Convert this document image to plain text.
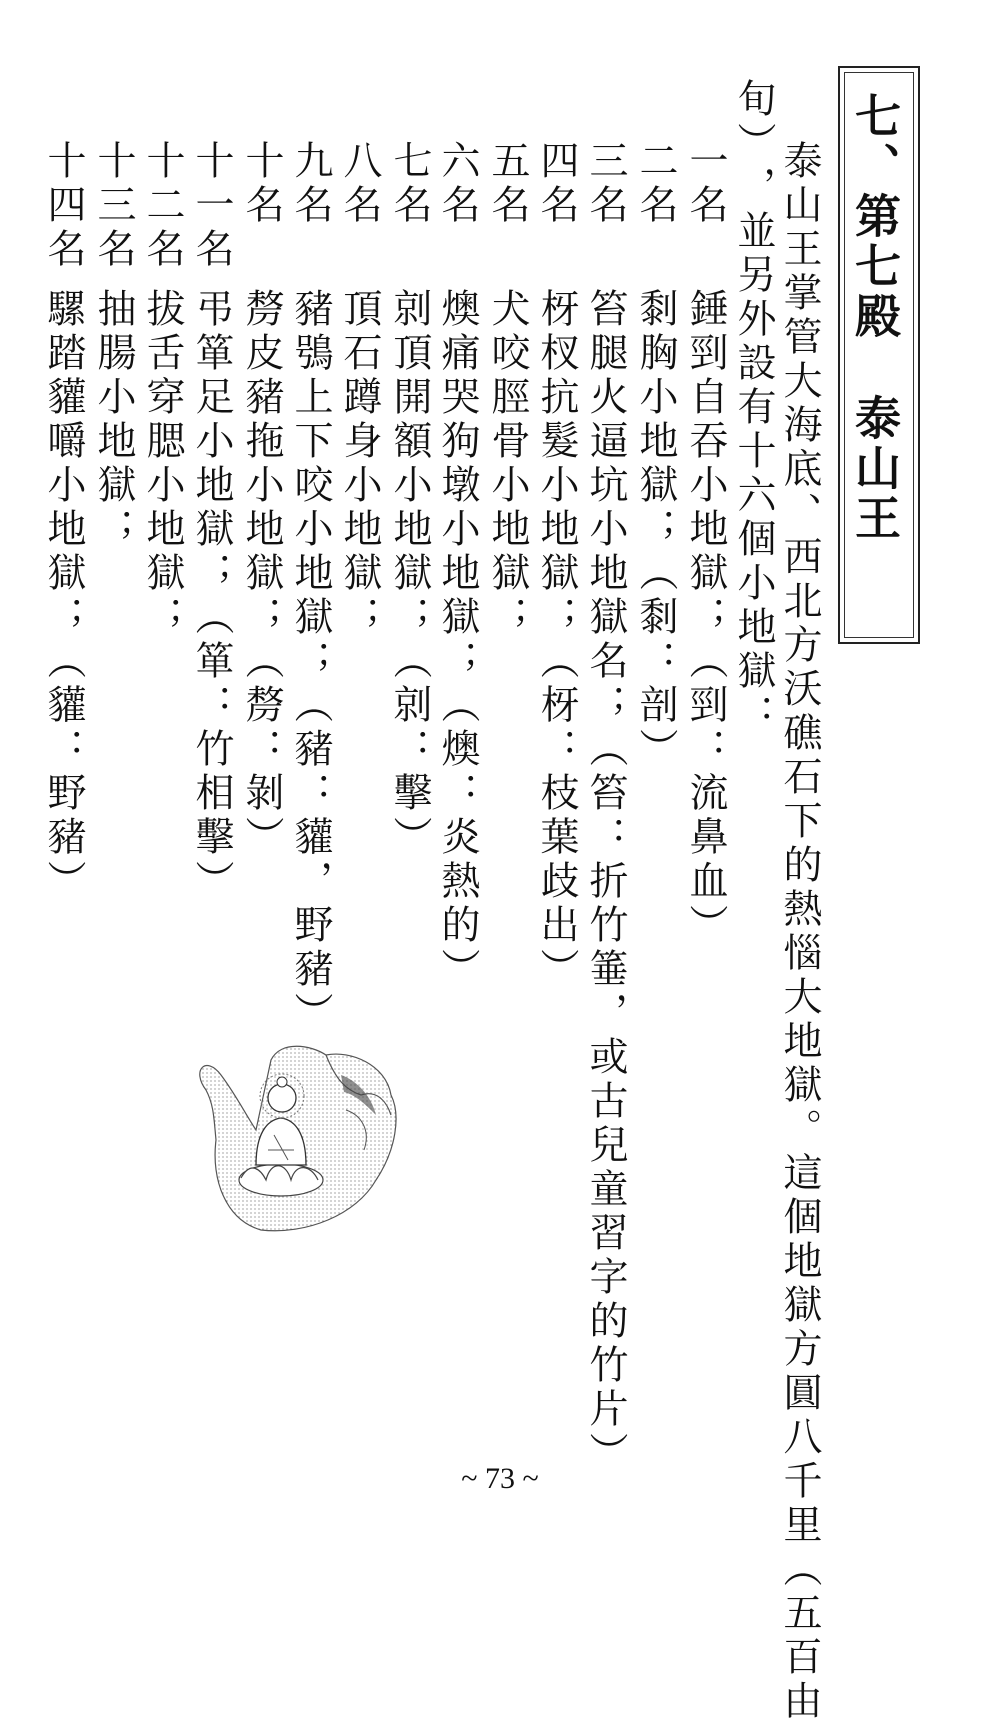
七、第七殿泰山王
泰山王掌管大海底、西北方沃礁石下的熱惱大地獄。這個地獄方圓八千里︵五百由
旬︶，並另外設有十六個小地獄：
一名
二名
三名
四名
五名
六名
七名
八名
九名
十名
十一名
十二名
十三名
十四名
錘剄自吞小地獄；︵剄：流鼻血︶
㓿胸小地獄；︵㓿：剖︶
笞腿火逼坑小地獄名；︵笞：折竹箠，或古兒童習字的竹片︶
枒杈抗髮小地獄；︵枒：枝葉歧出︶
犬咬脛骨小地獄；
燠痛哭狗墩小地獄；︵燠：炎熱的︶
剠頂開額小地獄；︵剠：擊︶
頂石蹲身小地獄；
豬鴞上下咬小地獄；︵豬：貛，野豬︶
剺皮豬拖小地獄；︵剺：剝︶
弔箪足小地獄；︵箪：竹相擊︶
拔舌穿腮小地獄；
抽腸小地獄；
騾踏貛嚼小地獄；︵貛：野豬︶
~ 73 ~
